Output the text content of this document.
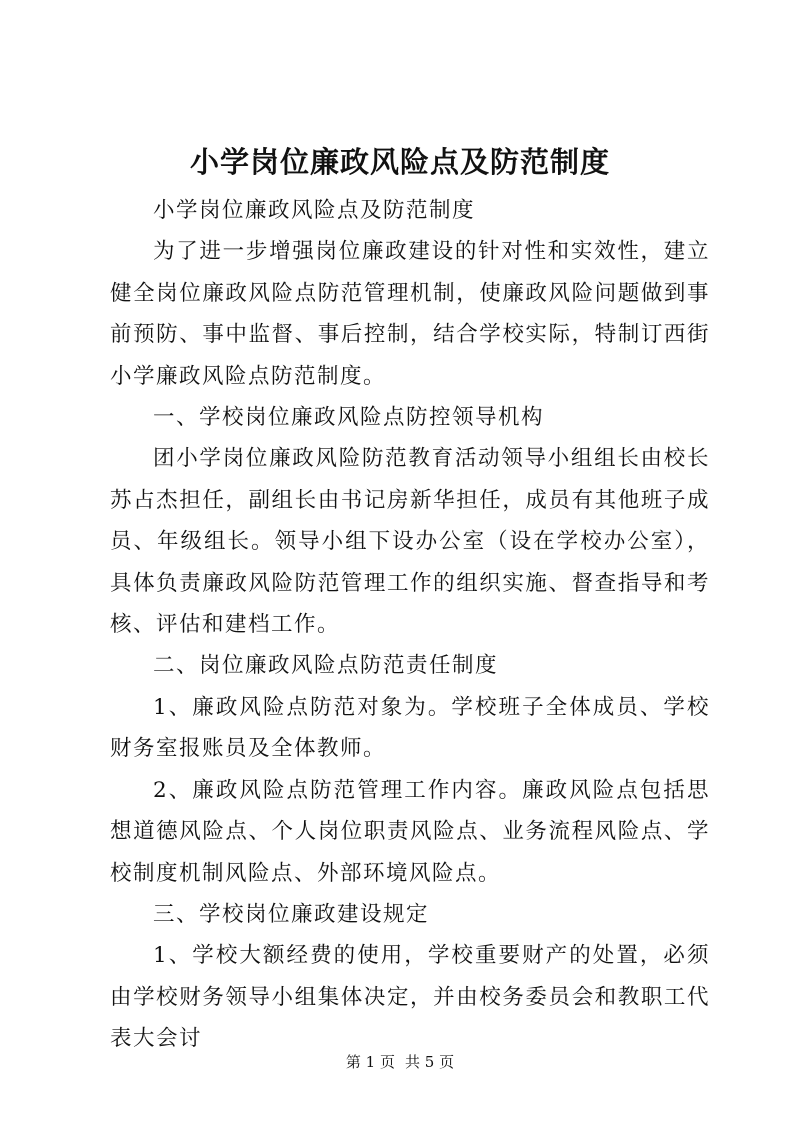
小学岗位廉政风险点及防范制度

小学岗位廉政风险点及防范制度

为了进一步增强岗位廉政建设的针对性和实效性，建立健全岗位廉政风险点防范管理机制，使廉政风险问题做到事前预防、事中监督、事后控制，结合学校实际，特制订西街小学廉政风险点防范制度。

一、学校岗位廉政风险点防控领导机构

团小学岗位廉政风险防范教育活动领导小组组长由校长苏占杰担任，副组长由书记房新华担任，成员有其他班子成员、年级组长。领导小组下设办公室（设在学校办公室），具体负责廉政风险防范管理工作的组织实施、督查指导和考核、评估和建档工作。

二、岗位廉政风险点防范责任制度

1、廉政风险点防范对象为。学校班子全体成员、学校财务室报账员及全体教师。

2、廉政风险点防范管理工作内容。廉政风险点包括思想道德风险点、个人岗位职责风险点、业务流程风险点、学校制度机制风险点、外部环境风险点。

三、学校岗位廉政建设规定

1、学校大额经费的使用，学校重要财产的处置，必须由学校财务领导小组集体决定，并由校务委员会和教职工代表大会讨

第 1 页 共 5 页
